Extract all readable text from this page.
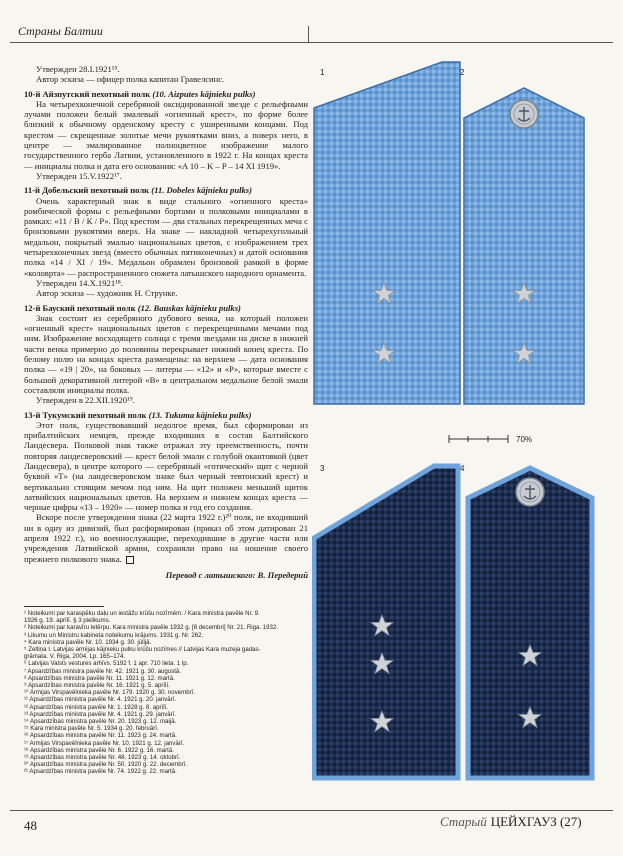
Страны Балтии

Утвержден 28.I.1921¹⁵.

Автор эскиза — офицер полка капитан Гравелсинс.

10-й Айзпутский пехотный полк (10. Aizputes kājnieku pulks)

На четырехконечной серебряной оксидированной звезде с рельефными лучами положен белый эмалевый «огненный крест», по форме более близкий к обычному орденскому кресту с уширенными концами. Под крестом — скрещенные золотые мечи рукоятками вниз, а поверх него, в центре — эмалированное полноцветное изображение малого государственного герба Латвии, установленного в 1922 г. На концах креста — инициалы полка и дата его основания: «A 10 – K – P – 14 XI 1919».

Утвержден 15.V.1922¹⁷.

11-й Добельский пехотный полк (11. Dobeles kājnieku pulks)

Очень характерный знак в виде стального «огненного креста» ромбической формы с рельефными бортами и полковыми инициалами в рамках: «11 / В / К / Р». Под крестом — два стальных перекрещенных меча с бронзовыми рукоятями вверх. На знаке — накладной четырехугольный медальон, покрытый эмалью национальных цветов, с изображением трех четырехконечных звезд (вместо обычных пятиконечных) и датой основания полка «14 / XI / 19». Медальон обрамлен бронзовой рамкой в форме «коловрта» — распространенного сюжета латышского народного орнамента.

Утвержден 14.X.1921¹⁸.

Автор эскиза — художник Н. Струнке.

12-й Бауский пехотный полк (12. Bauskas kājnieku pulks)

Знак состоит из серебряного дубового венка, на который положен «огненный крест» национальных цветов с перекрещенными мечами под ним. Изображение восходящего солнца с тремя звездами на диске в нижней части венка примерно до половины перекрывает нижний конец креста. По белому полю на концах креста размещены: на верхнем — дата основания полка — «19 | 20», на боковых — литеры — «12» и «Р», которые вместе с большой декоративной литерой «B» в центральном медальоне белой эмали составляли инициалы полка.

Утвержден в 22.XII.1920¹⁹.

13-й Тукумский пехотный полк (13. Tukuma kājnieku pulks)

Этот полк, существовавший недолгое время, был сформирован из прибалтийских немцев, прежде входивших в состав Балтийского Ландесвера. Полковой знак также отражал эту преемственность, почти повторяя ландесверовский — крест белой эмали с голубой окантовкой (цвет Ландесвера), в центре которого — серебряный «готический» щит с черной буквой «T» (на ландесверовском знаке был черный тевтонский крест) и вертикально стоящим мечом под ним. На щит положен меньший щиток латвийских национальных цветов. На верхнем и нижнем концах креста — черные цифры «13 – 1920» — номер полка и год его создания.

Вскоре после утверждения знака (22 марта 1922 г.)²⁰ полк, не входивший ни в одну из дивизий, был расформирован (приказ об этом датирован 21 апреля 1922 г.), но военнослужащие, переходившие в другие части или учреждения Латвийской армии, сохраняли право на ношение своего прежнего полкового знака.

Перевод с латышского: В. Передерий
¹ Noteikumi par karaspēku daļu un iestāžu krūšu nozīmēm. / Kara ministra pavēle Nr. 9.
1926 g. 19. aprīlī. § 3 pielikums.
² Noteikumi par karavīru letērpu. Kara ministra pavēle 1932 g. [8 decembri] Nr. 21. Riga. 1932.
³ Likumu un Ministru kabineta noteikumu krājums. 1931 g. Nr. 262.
⁴ Kara ministra pavēle Nr. 10. 1934 g. 30. jūlijā.
⁵ Zeltiņa I. Latvijas armijas kājnieku pulku krūšu nozīmes // Latvijas Kara muzeja gadas-
grāmata. V. Riga, 2004. Lp. 165–174.
⁶ Latvijas Valsts vestures arhīvs. 5192 f. 1 apr. 710 lieta. 1 lp.
⁷ Apsardzības ministra pavēle Nr. 42. 1921 g. 30. augustā.
⁸ Apsardzības ministra pavēle Nr. 11. 1921 g. 12. martā.
⁹ Apsardzības ministra pavēle Nr. 16. 1921 g. 5. aprīlī.
¹⁰ Armijas Virspavēlnieka pavēle Nr. 179. 1920 g. 30. novembrī.
¹¹ Apsardzības ministra pavēle Nr. 4. 1921 g. 20. janvārī.
¹² Apsardzības ministra pavēle Nr. 1. 1928 g. 8. aprīlī.
¹³ Apsardzības ministra pavēle Nr. 4. 1921 g. 29. janvārī.
¹⁴ Apsardzības ministra pavēle Nr. 20. 1923 g. 12. maijā.
¹⁵ Kara ministra pavēle Nr. 5. 1934 g. 20. februārī.
¹⁶ Apsardzības ministra pavēle Nr. 11. 1923 g. 24. martā.
¹⁷ Armijas Virspavēlnieka pavēle Nr. 10. 1921 g. 12. janvārī.
¹⁸ Apsardzības ministra pavēle Nr. 6. 1922 g. 16. martā.
¹⁹ Apsardzības ministra pavēle Nr. 48. 1923 g. 14. oktobrī.
²⁰ Apsardzības ministra pavēle Nr. 50. 1920 g. 22. decembrī.
²¹ Apsardzības ministra pavēle Nr. 74. 1922 g. 22. martā.
1	2
3	4
70%
48	Старый ЦЕЙХГАУЗ (27)
